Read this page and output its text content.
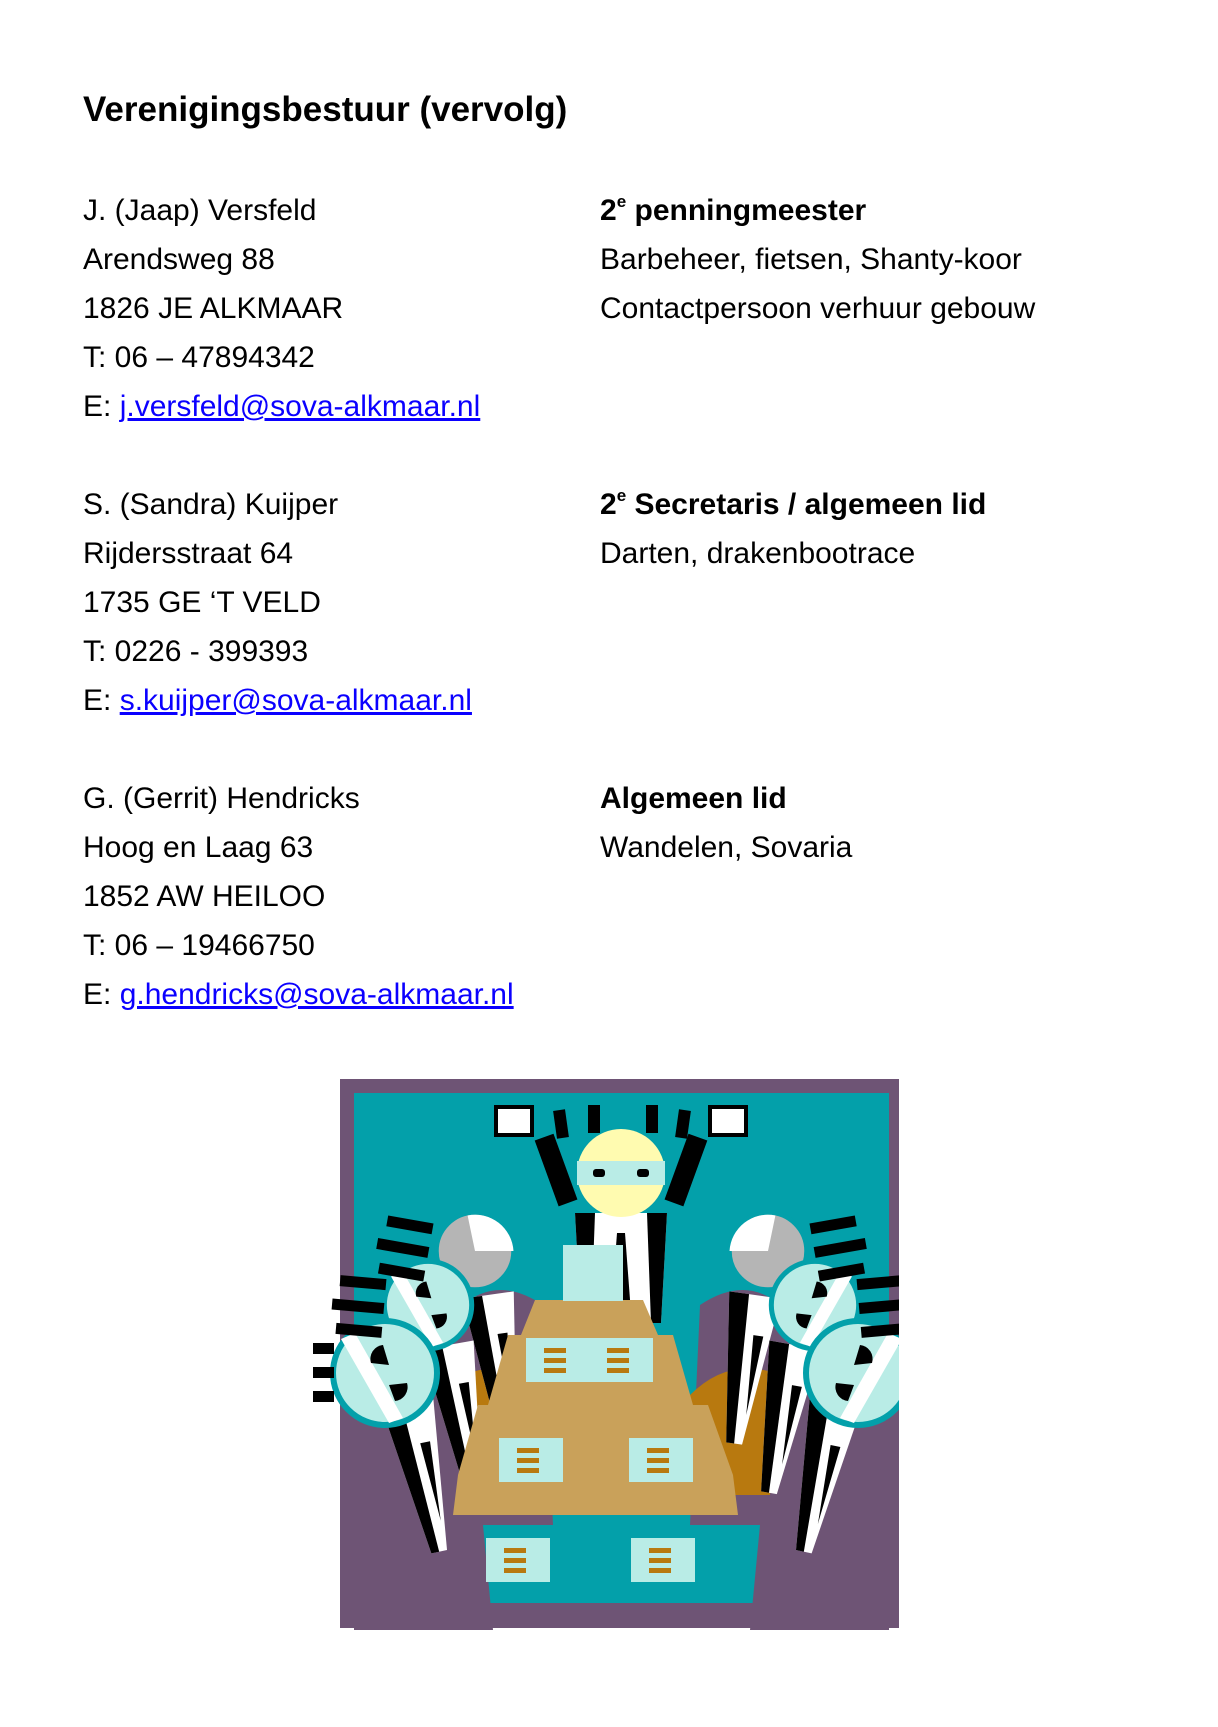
Verenigingsbestuur (vervolg)
J. (Jaap) Versfeld
Arendsweg 88
1826 JE ALKMAAR
T: 06 – 47894342
E: j.versfeld@sova-alkmaar.nl
2e penningmeester
Barbeheer, fietsen, Shanty-koor
Contactpersoon verhuur gebouw
S. (Sandra) Kuijper
Rijdersstraat 64
1735 GE ‘T VELD
T: 0226 - 399393
E: s.kuijper@sova-alkmaar.nl
2e Secretaris / algemeen lid
Darten, drakenbootrace
G. (Gerrit) Hendricks
Hoog en Laag 63
1852 AW HEILOO
T: 06 – 19466750
E: g.hendricks@sova-alkmaar.nl
Algemeen lid
Wandelen, Sovaria
